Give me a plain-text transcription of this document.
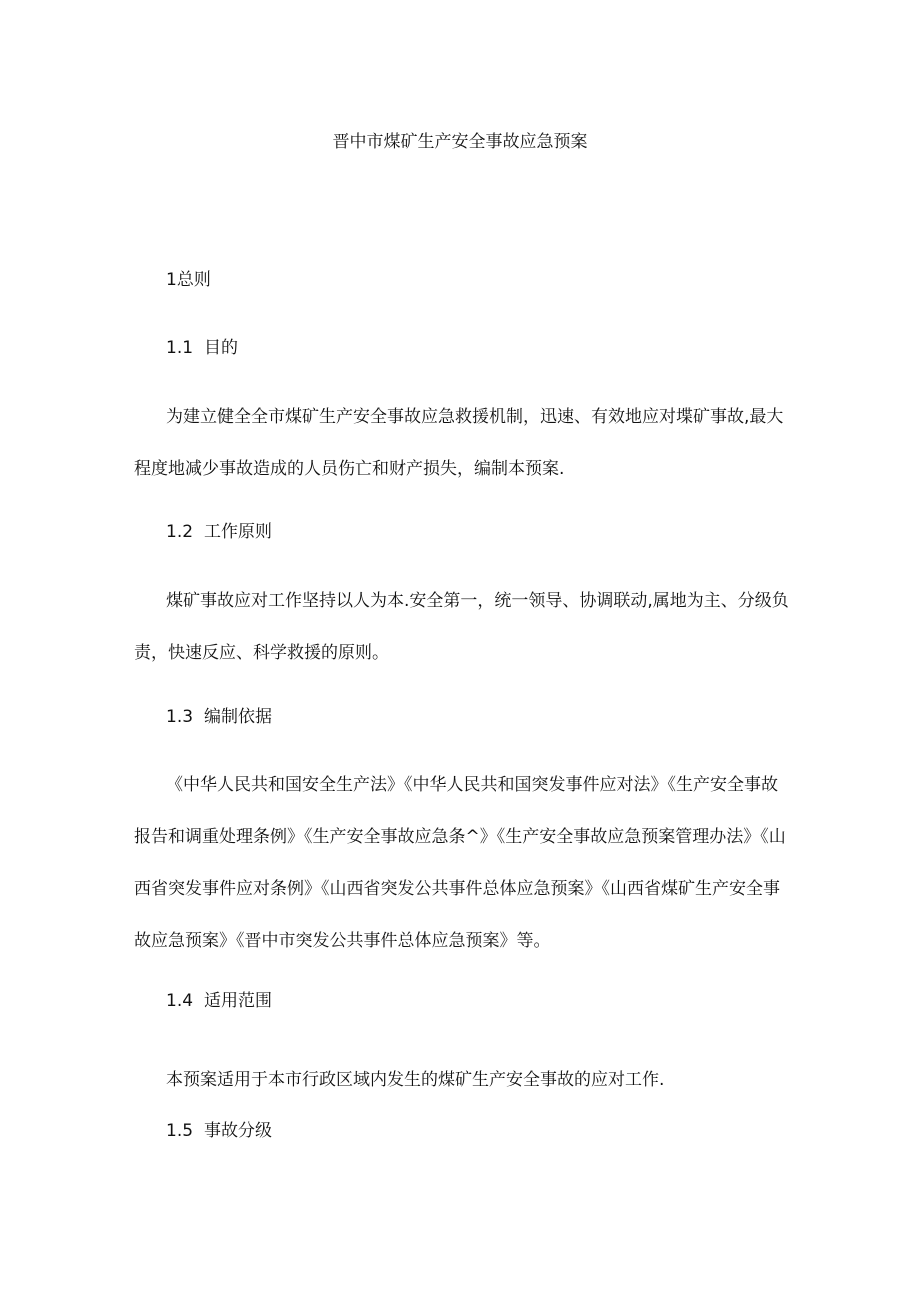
晋中市煤矿生产安全事故应急预案
1总则
1.1 目的
为建立健全全市煤矿生产安全事故应急救援机制，迅速、有效地应对堞矿事故,最大程度地减少事故造成的人员伤亡和财产损失，编制本预案.
1.2 工作原则
煤矿事故应对工作坚持以人为本.安全第一，统一领导、协调联动,属地为主、分级负责，快速反应、科学救援的原则。
1.3 编制依据
《中华人民共和国安全生产法》《中华人民共和国突发事件应对法》《生产安全事故报告和调重处理条例》《生产安全事故应急条^》《生产安全事故应急预案管理办法》《山西省突发事件应对条例》《山西省突发公共事件总体应急预案》《山西省煤矿生产安全事故应急预案》《晋中市突发公共事件总体应急预案》等。
1.4 适用范围
本预案适用于本市行政区域内发生的煤矿生产安全事故的应对工作.
1.5 事故分级
